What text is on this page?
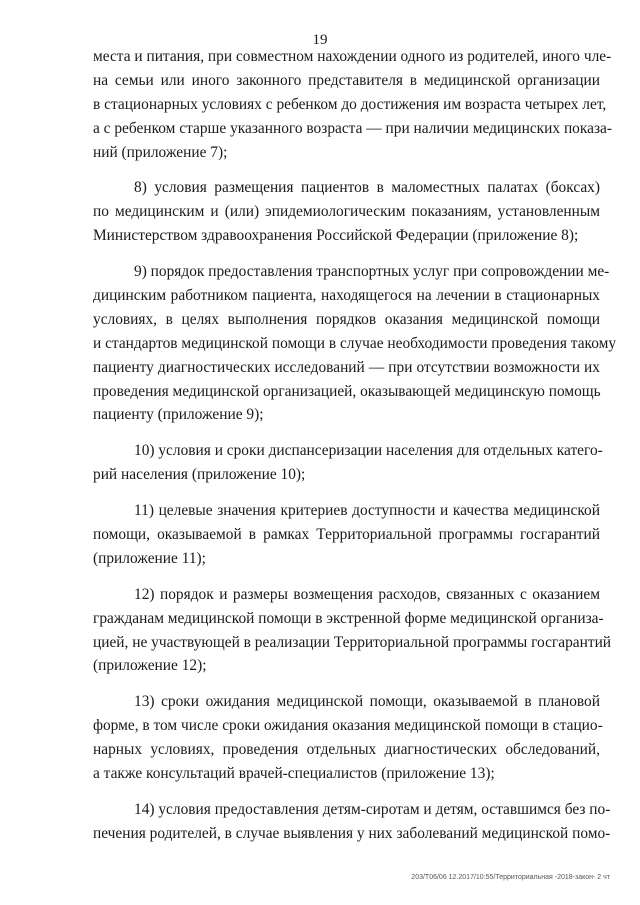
19
места и питания, при совместном нахождении одного из родителей, иного чле-
на семьи или иного законного представителя в медицинской организации
в стационарных условиях с ребенком до достижения им возраста четырех лет,
а с ребенком старше указанного возраста — при наличии медицинских показа-
ний (приложение 7);
8) условия размещения пациентов в маломестных палатах (боксах)
по медицинским и (или) эпидемиологическим показаниям, установленным
Министерством здравоохранения Российской Федерации (приложение 8);
9) порядок предоставления транспортных услуг при сопровождении ме-
дицинским работником пациента, находящегося на лечении в стационарных
условиях, в целях выполнения порядков оказания медицинской помощи
и стандартов медицинской помощи в случае необходимости проведения такому
пациенту диагностических исследований — при отсутствии возможности их
проведения медицинской организацией, оказывающей медицинскую помощь
пациенту (приложение 9);
10) условия и сроки диспансеризации населения для отдельных катего-
рий населения (приложение 10);
11) целевые значения критериев доступности и качества медицинской
помощи, оказываемой в рамках Территориальной программы госгарантий
(приложение 11);
12) порядок и размеры возмещения расходов, связанных с оказанием
гражданам медицинской помощи в экстренной форме медицинской организа-
цией, не участвующей в реализации Территориальной программы госгарантий
(приложение 12);
13) сроки ожидания медицинской помощи, оказываемой в плановой
форме, в том числе сроки ожидания оказания медицинской помощи в стацио-
нарных условиях, проведения отдельных диагностических обследований,
а также консультаций врачей-специалистов (приложение 13);
14) условия предоставления детям-сиротам и детям, оставшимся без по-
печения родителей, в случае выявления у них заболеваний медицинской помо-
203/Т06/06 12.2017/10:55/Территориальная -2018-закон- 2 чт
